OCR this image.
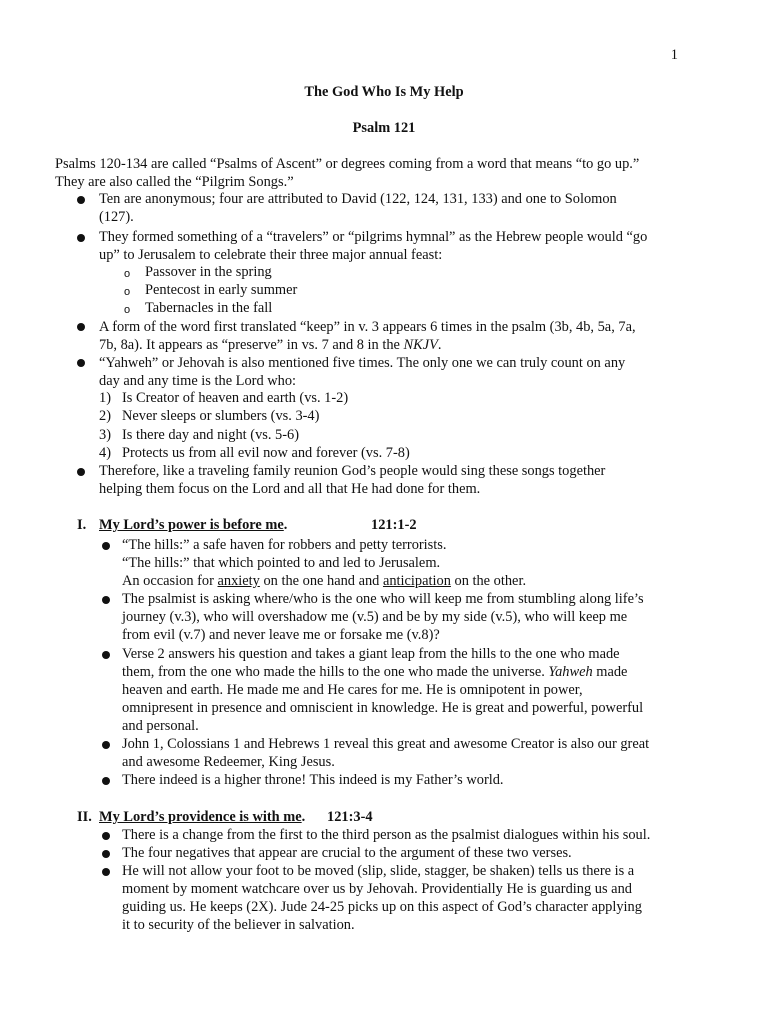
1
The God Who Is My Help
Psalm 121
Psalms 120-134 are called “Psalms of Ascent” or degrees coming from a word that means “to go up.”
They are also called the “Pilgrim Songs.”
Ten are anonymous; four are attributed to David (122, 124, 131, 133) and one to Solomon
(127).
They formed something of a “travelers” or “pilgrims hymnal” as the Hebrew people would “go
up” to Jerusalem to celebrate their three major annual feast:
o Passover in the spring
o Pentecost in early summer
o Tabernacles in the fall
A form of the word first translated “keep” in v. 3 appears 6 times in the psalm (3b, 4b, 5a, 7a,
7b, 8a). It appears as “preserve” in vs. 7 and 8 in the NKJV.
“Yahweh” or Jehovah is also mentioned five times. The only one we can truly count on any
day and any time is the Lord who:
1) Is Creator of heaven and earth (vs. 1-2)
2) Never sleeps or slumbers (vs. 3-4)
3) Is there day and night (vs. 5-6)
4) Protects us from all evil now and forever (vs. 7-8)
Therefore, like a traveling family reunion God’s people would sing these songs together
helping them focus on the Lord and all that He had done for them.
I. My Lord’s power is before me.	121:1-2
“The hills:” a safe haven for robbers and petty terrorists.
“The hills:” that which pointed to and led to Jerusalem.
An occasion for anxiety on the one hand and anticipation on the other.
The psalmist is asking where/who is the one who will keep me from stumbling along life’s
journey (v.3), who will overshadow me (v.5) and be by my side (v.5), who will keep me
from evil (v.7) and never leave me or forsake me (v.8)?
Verse 2 answers his question and takes a giant leap from the hills to the one who made
them, from the one who made the hills to the one who made the universe. Yahweh made
heaven and earth. He made me and He cares for me. He is omnipotent in power,
omnipresent in presence and omniscient in knowledge. He is great and powerful, powerful
and personal.
John 1, Colossians 1 and Hebrews 1 reveal this great and awesome Creator is also our great
and awesome Redeemer, King Jesus.
There indeed is a higher throne! This indeed is my Father’s world.
II. My Lord’s providence is with me.	121:3-4
There is a change from the first to the third person as the psalmist dialogues within his soul.
The four negatives that appear are crucial to the argument of these two verses.
He will not allow your foot to be moved (slip, slide, stagger, be shaken) tells us there is a
moment by moment watchcare over us by Jehovah. Providentially He is guarding us and
guiding us. He keeps (2X). Jude 24-25 picks up on this aspect of God’s character applying
it to security of the believer in salvation.
